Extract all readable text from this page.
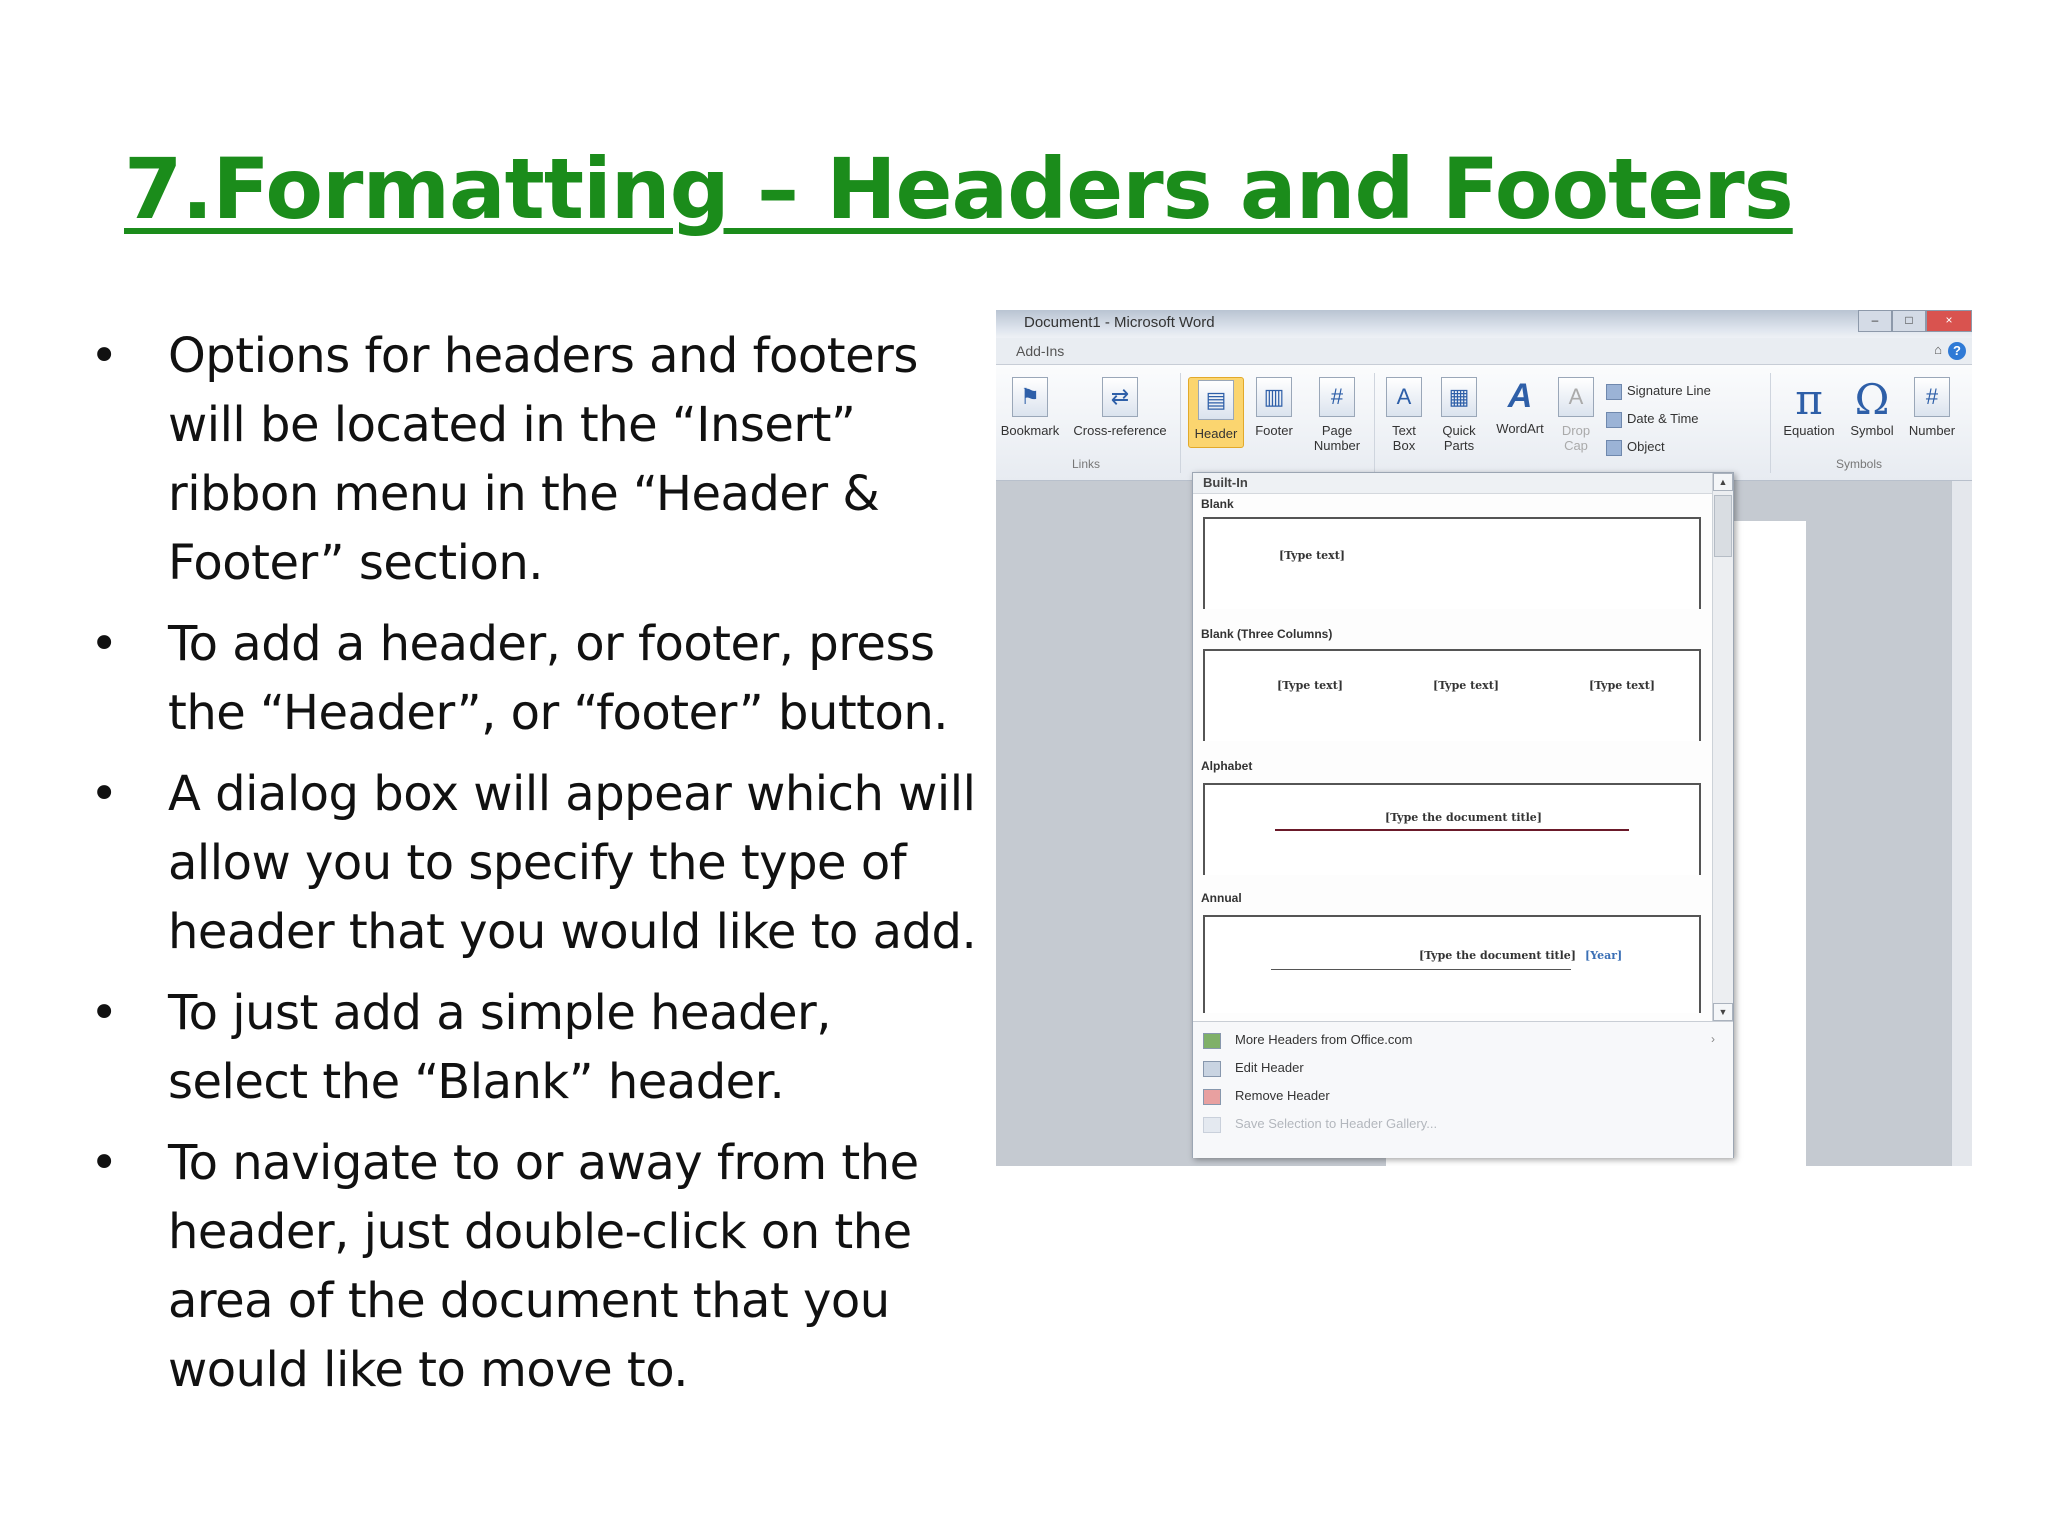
7.Formatting – Headers and Footers
• Options for headers and footers will be located in the “Insert” ribbon menu in the “Header & Footer” section.
• To add a header, or footer, press the “Header”, or “footer” button.
• A dialog box will appear which will allow you to specify the type of header that you would like to add.
• To just add a simple header, select the “Blank” header.
• To navigate to or away from the header, just double-click on the area of the document that you would like to move to.
Document1 - Microsoft Word	–	□	×
Add-Ins	⌂ ?
⚑
Bookmark
⇄
Cross-reference
Links
▤
Header
▥
Footer
#
Page Number
A
Text Box
▦
Quick Parts
A
WordArt
A
Drop Cap
Signature Line
Date & Time
Object
π
Equation
Ω
Symbol
#
Number
Symbols
Built-In	▲
▼
Blank
[Type text]
Blank (Three Columns)
[Type text]	[Type text]	[Type text]
Alphabet
[Type the document title]
Annual
[Type the document title] [Year]
More Headers from Office.com	›
Edit Header
Remove Header
Save Selection to Header Gallery...
